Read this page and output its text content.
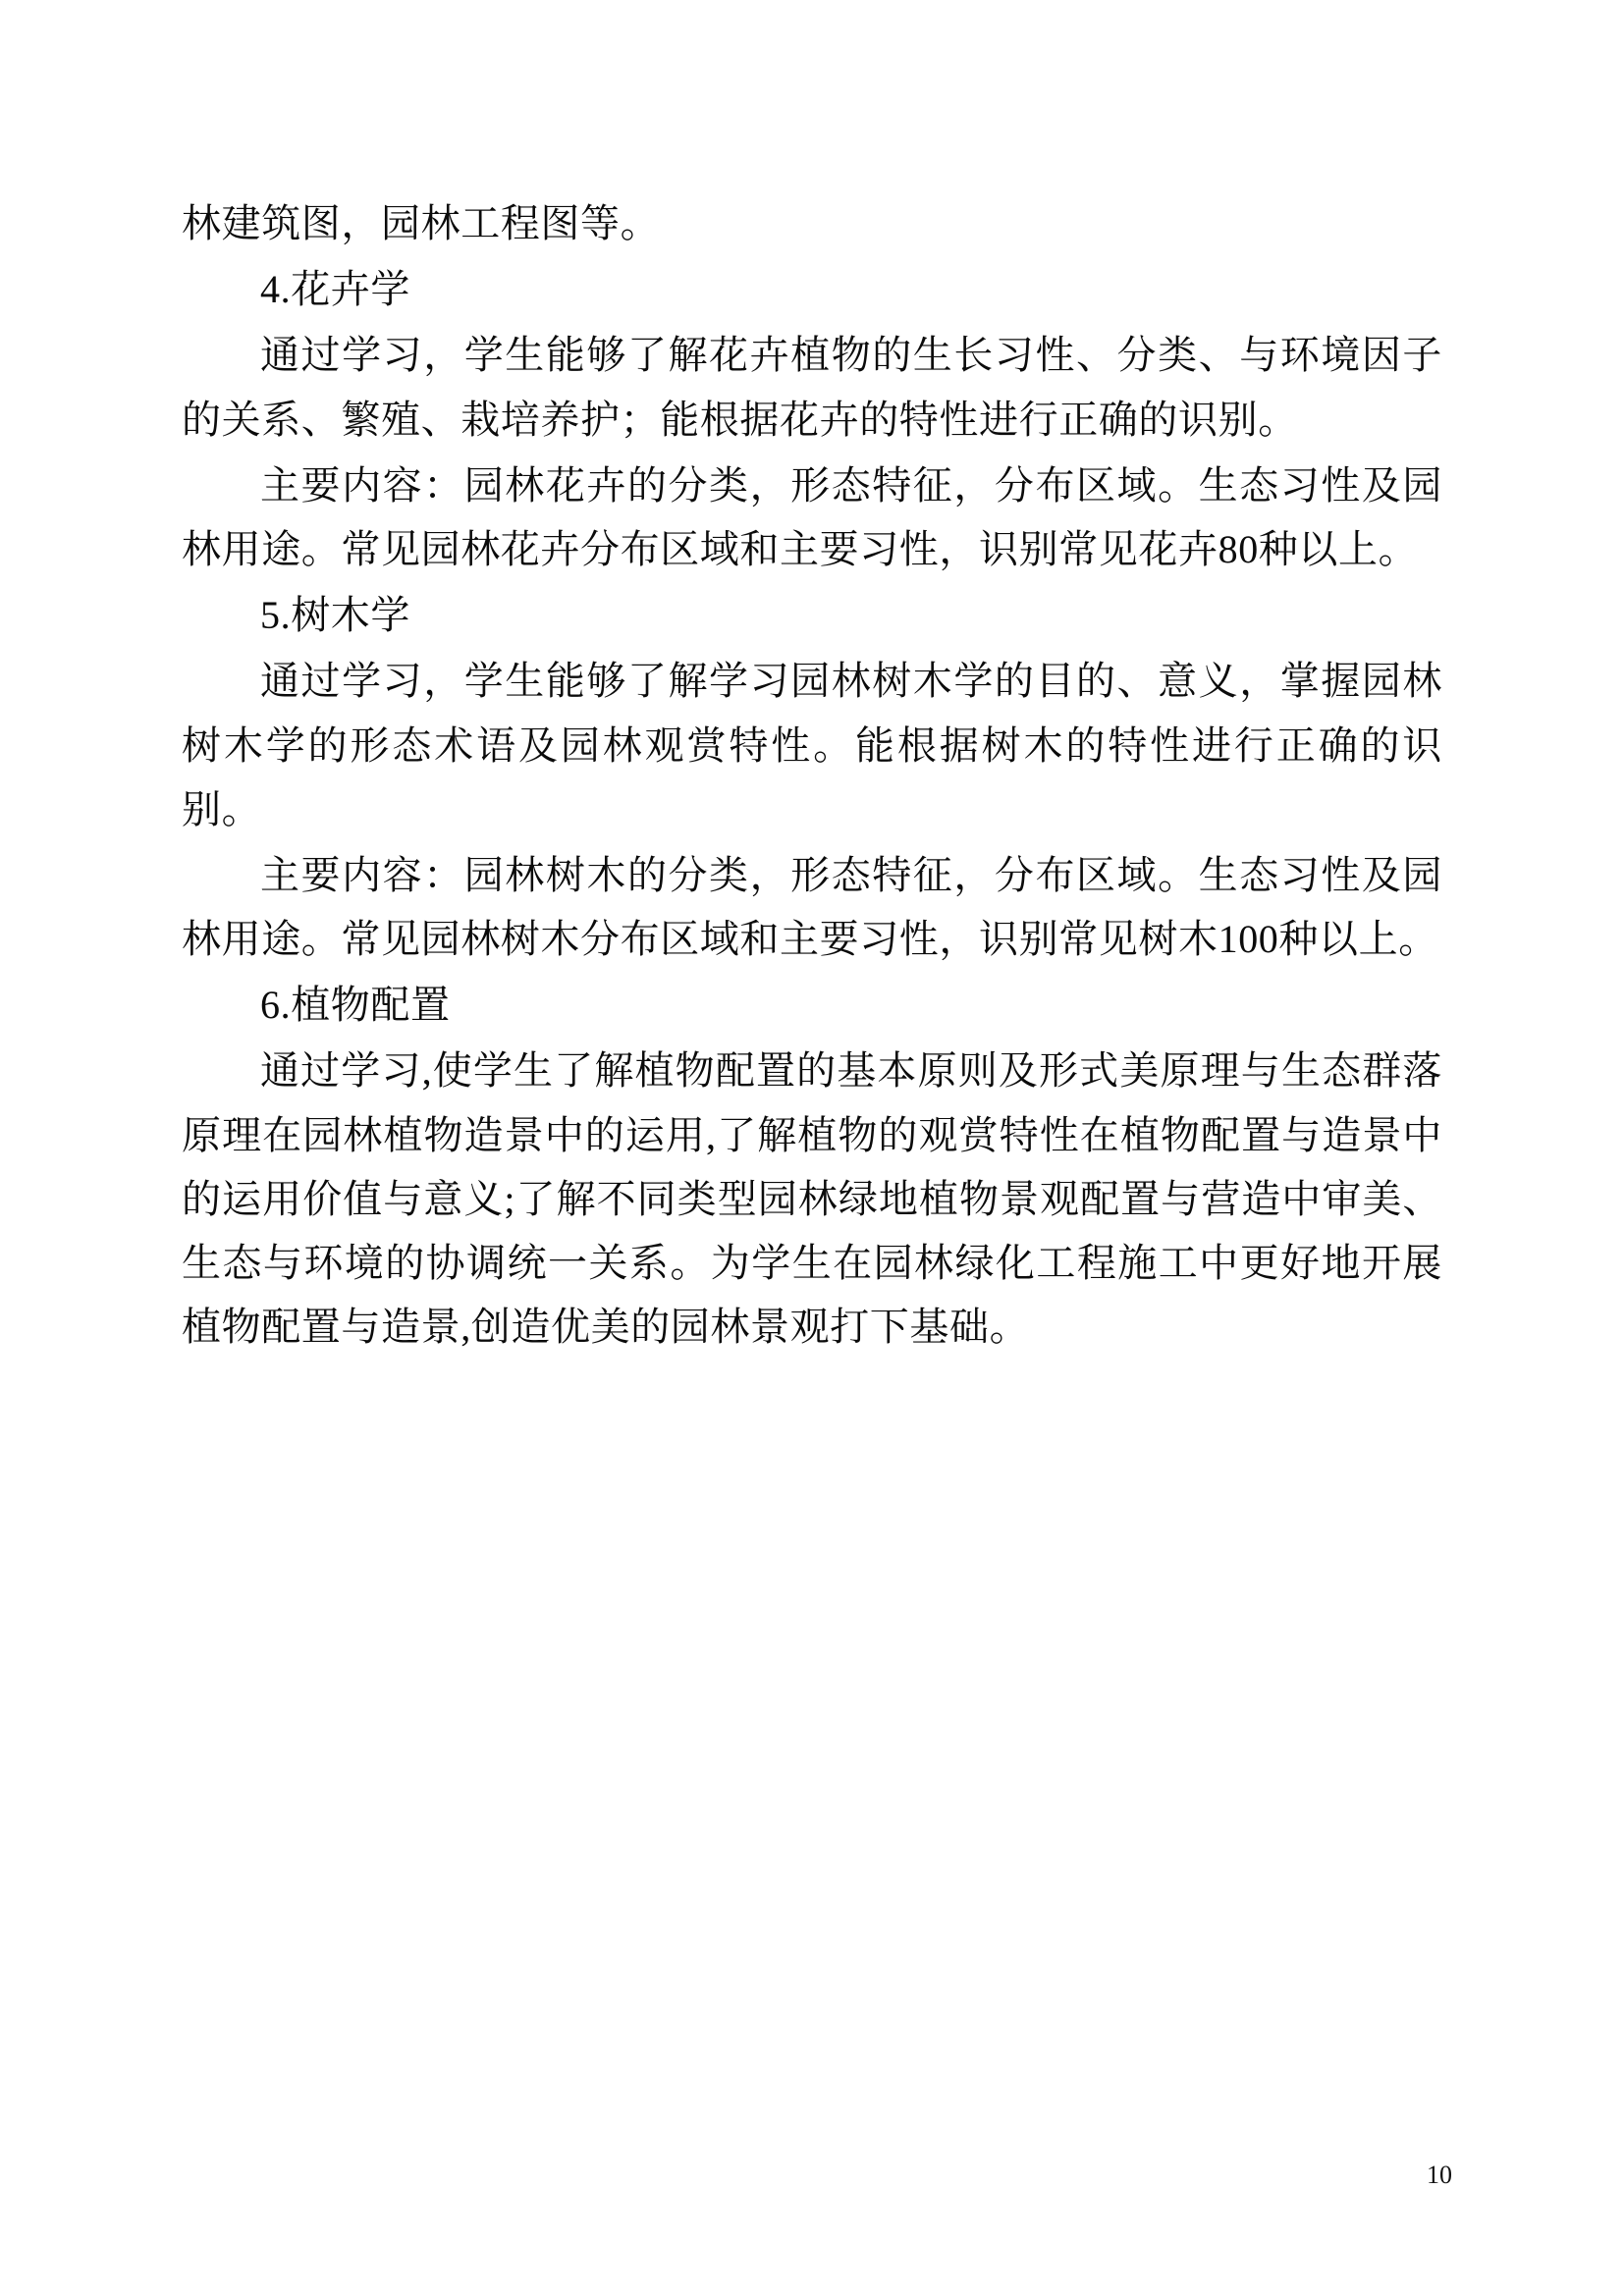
林建筑图，园林工程图等。

4.花卉学

通过学习，学生能够了解花卉植物的生长习性、分类、与环境因子的关系、繁殖、栽培养护；能根据花卉的特性进行正确的识别。

主要内容：园林花卉的分类，形态特征，分布区域。生态习性及园林用途。常见园林花卉分布区域和主要习性，识别常见花卉80种以上。

5.树木学

通过学习，学生能够了解学习园林树木学的目的、意义，掌握园林树木学的形态术语及园林观赏特性。能根据树木的特性进行正确的识别。

主要内容：园林树木的分类，形态特征，分布区域。生态习性及园林用途。常见园林树木分布区域和主要习性，识别常见树木100种以上。

6.植物配置

通过学习,使学生了解植物配置的基本原则及形式美原理与生态群落原理在园林植物造景中的运用,了解植物的观赏特性在植物配置与造景中的运用价值与意义;了解不同类型园林绿地植物景观配置与营造中审美、生态与环境的协调统一关系。为学生在园林绿化工程施工中更好地开展植物配置与造景,创造优美的园林景观打下基础。

10
